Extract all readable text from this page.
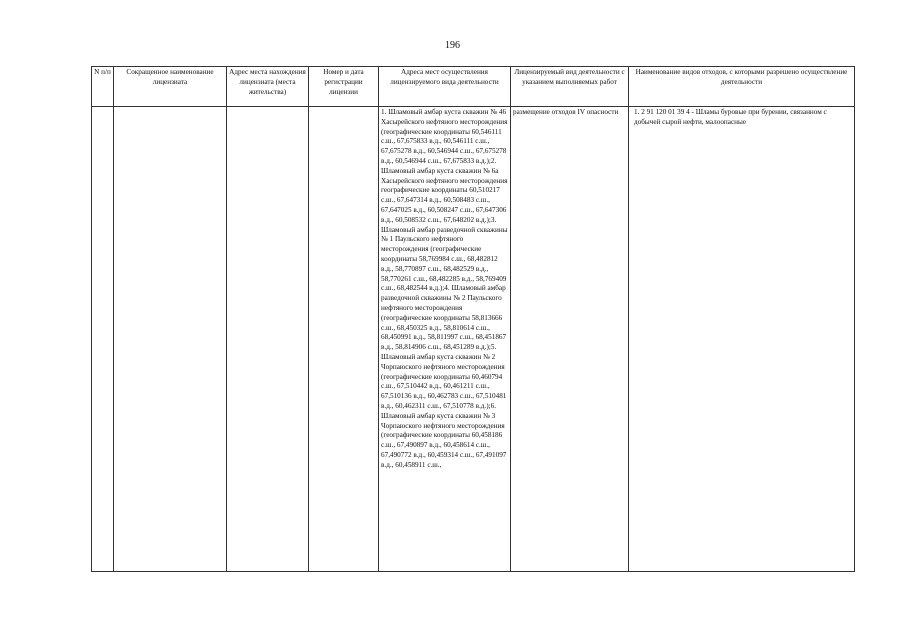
196
N п/п	Сокращенное наименование лицензиата	Адрес места нахождения лицензиата (места жительства)	Номер и дата регистрации лицензии	Адреса мест осуществления лицензируемого вида деятельности	Лицензируемый вид деятельности с указанием выполняемых работ	Наименование видов отходов, с которыми разрешено осуществление деятельности
				1. Шламовый амбар куста скважин № 46 Хасырейского нефтяного месторождения (географические координаты 60,546111 с.ш., 67,675833 в.д., 60,546111 с.ш., 67,675278 в.д., 60,546944 с.ш., 67,675278 в.д., 60,546944 с.ш., 67,675833 в.д.);2. Шламовый амбар куста скважин № 6а Хасырейского нефтяного месторождения географические координаты 60,510217 с.ш., 67,647314 в.д., 60,508483 с.ш., 67,647025 в.д., 60,508247 с.ш., 67,647306 в.д., 60,508532 с.ш., 67,648202 в.д.);3. Шламовый амбар разведочной скважины № 1 Паульского нефтяного месторождения (географические координаты 58,769984 с.ш., 68,482812 в.д., 58,770897 с.ш., 68,482529 в.д., 58,770261 с.ш., 68,482285 в.д., 58,769409 с.ш., 68,482544 в.д.);4. Шламовый амбар разведочной скважины № 2 Паульского нефтяного месторождения (географические координаты 58,813666 с.ш., 68,450325 в.д., 58,810614 с.ш., 68,450991 в.д., 58,811997 с.ш., 68,451867 в.д., 58,814906 с.ш., 68,451289 в.д.);5. Шламовый амбар куста скважин № 2 Чорпаюского нефтяного месторождения (географические координаты 60,460794 с.ш., 67,510442 в.д., 60,461211 с.ш., 67,510136 в.д., 60,462783 с.ш., 67,510481 в.д., 60,462311 с.ш., 67,510778 в.д.);6. Шламовый амбар куста скважин № 3 Чорпаюского нефтяного месторождения (географические координаты 60,458186 с.ш., 67,490897 в.д., 60,458614 с.ш., 67,490772 в.д., 60,459314 с.ш., 67,491097 в.д., 60,458911 с.ш.,	размещение отходов IV опасности	1. 2 91 120 01 39 4 - Шламы буровые при бурении, связанном с добычей сырой нефти, малоопасные
